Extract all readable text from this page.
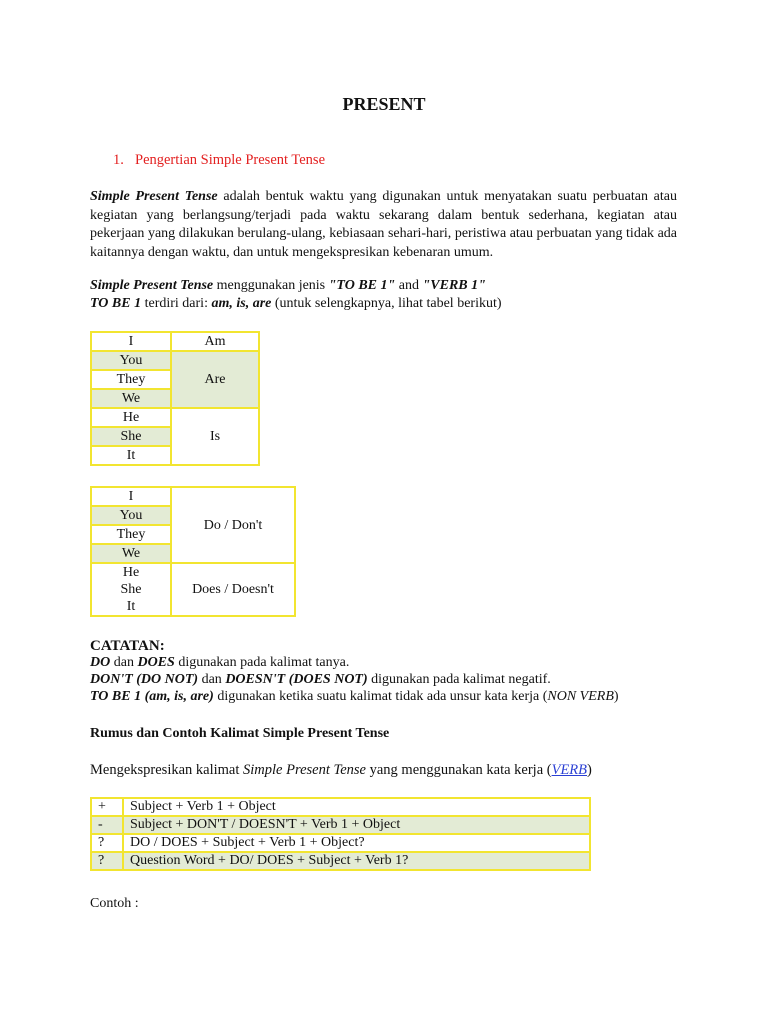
PRESENT
1. Pengertian Simple Present Tense
Simple Present Tense adalah bentuk waktu yang digunakan untuk menyatakan suatu perbuatan atau kegiatan yang berlangsung/terjadi pada waktu sekarang dalam bentuk sederhana, kegiatan atau pekerjaan yang dilakukan berulang-ulang, kebiasaan sehari-hari, peristiwa atau perbuatan yang tidak ada kaitannya dengan waktu, dan untuk mengekspresikan kebenaran umum.
Simple Present Tense menggunakan jenis "TO BE 1" and "VERB 1"
TO BE 1 terdiri dari: am, is, are (untuk selengkapnya, lihat tabel berikut)
I	Am
You	Are
They	
We	
He	Is
She	
It	
I	Do / Don't
You	
They	
We	
He	Does / Doesn't
She	
It	
CATATAN:
DO dan DOES digunakan pada kalimat tanya.
DON'T (DO NOT) dan DOESN'T (DOES NOT) digunakan pada kalimat negatif.
TO BE 1 (am, is, are) digunakan ketika suatu kalimat tidak ada unsur kata kerja (NON VERB)
Rumus dan Contoh Kalimat Simple Present Tense
Mengekspresikan kalimat Simple Present Tense yang menggunakan kata kerja (VERB)
+	Subject + Verb 1 + Object
-	Subject + DON'T / DOESN'T + Verb 1 + Object
?	DO / DOES + Subject + Verb 1 + Object?
?	Question Word + DO/ DOES + Subject + Verb 1?
Contoh :
